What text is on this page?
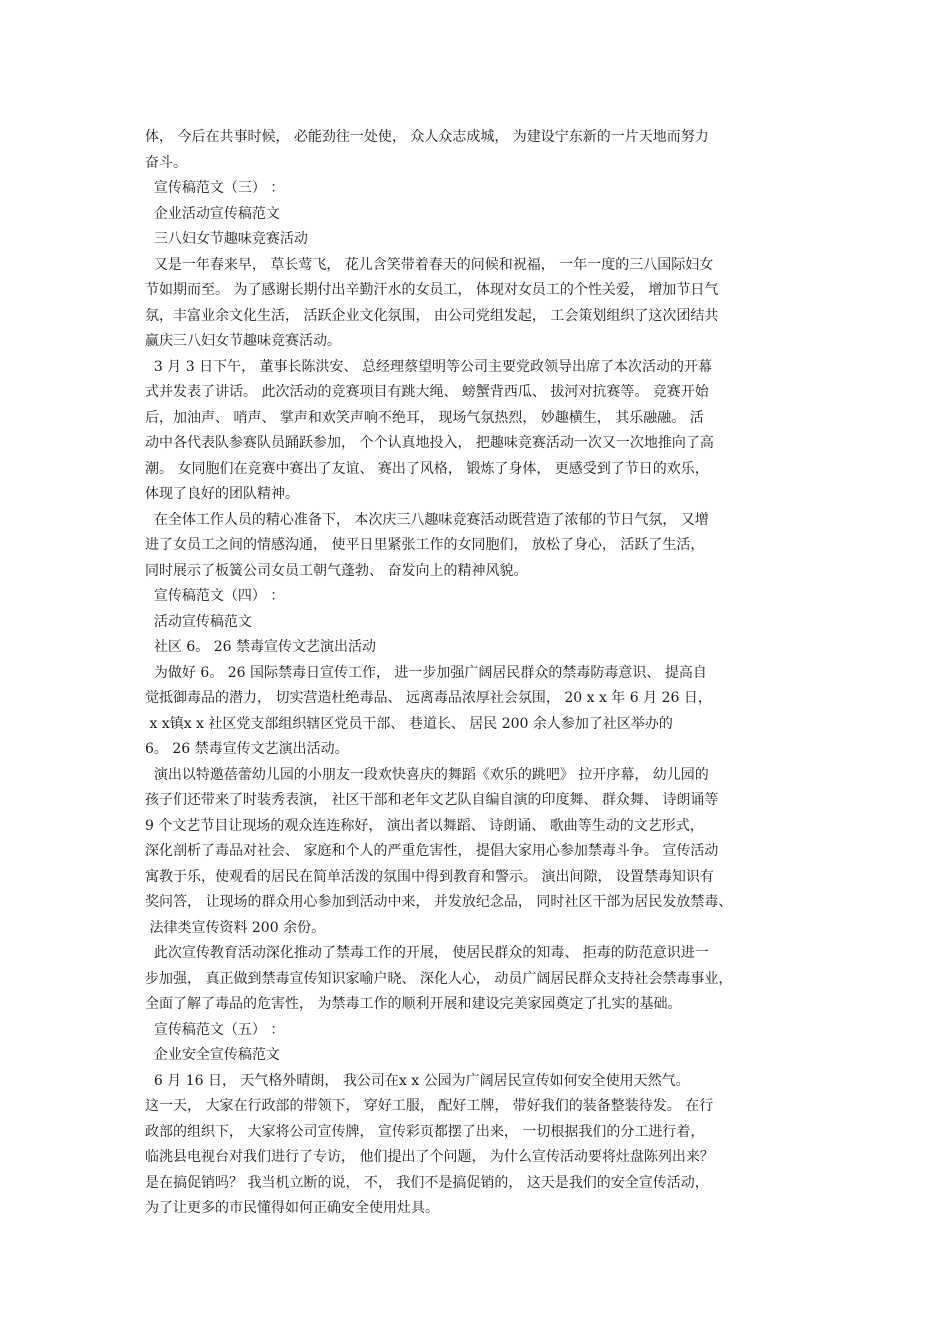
体， 今后在共事时候， 必能劲往一处使， 众人众志成城， 为建设宁东新的一片天地而努力
奋斗。
宣传稿范文（三） ：
企业活动宣传稿范文
三八妇女节趣味竞赛活动
又是一年春来早， 草长莺飞， 花儿含笑带着春天的问候和祝福， 一年一度的三八国际妇女
节如期而至。 为了感谢长期付出辛勤汗水的女员工， 体现对女员工的个性关爱， 增加节日气
氛，丰富业余文化生活， 活跃企业文化氛围， 由公司党组发起， 工会策划组织了这次团结共
赢庆三八妇女节趣味竞赛活动。
3 月 3 日下午， 董事长陈洪安、 总经理蔡望明等公司主要党政领导出席了本次活动的开幕
式并发表了讲话。 此次活动的竞赛项目有跳大绳、 螃蟹背西瓜、 拔河对抗赛等。 竞赛开始
后，加油声、 哨声、 掌声和欢笑声响不绝耳， 现场气氛热烈， 妙趣横生， 其乐融融。 活
动中各代表队参赛队员踊跃参加， 个个认真地投入， 把趣味竞赛活动一次又一次地推向了高
潮。 女同胞们在竞赛中赛出了友谊、 赛出了风格， 锻炼了身体， 更感受到了节日的欢乐，
体现了良好的团队精神。
在全体工作人员的精心准备下， 本次庆三八趣味竞赛活动既营造了浓郁的节日气氛， 又增
进了女员工之间的情感沟通， 使平日里紧张工作的女同胞们， 放松了身心， 活跃了生活，
同时展示了板簧公司女员工朝气蓬勃、 奋发向上的精神风貌。
宣传稿范文（四） ：
活动宣传稿范文
社区 6。 26 禁毒宣传文艺演出活动
为做好 6。 26 国际禁毒日宣传工作， 进一步加强广阔居民群众的禁毒防毒意识、 提高自
觉抵御毒品的潜力， 切实营造杜绝毒品、 远离毒品浓厚社会氛围， 20 x x 年 6 月 26 日，
x x镇x x 社区党支部组织辖区党员干部、 巷道长、 居民 200 余人参加了社区举办的
6。 26 禁毒宣传文艺演出活动。
演出以特邀蓓蕾幼儿园的小朋友一段欢快喜庆的舞蹈《欢乐的跳吧》 拉开序幕， 幼儿园的
孩子们还带来了时装秀表演， 社区干部和老年文艺队自编自演的印度舞、 群众舞、 诗朗诵等
9 个文艺节目让现场的观众连连称好， 演出者以舞蹈、 诗朗诵、 歌曲等生动的文艺形式，
深化剖析了毒品对社会、 家庭和个人的严重危害性， 提倡大家用心参加禁毒斗争。 宣传活动
寓教于乐，使观看的居民在简单活泼的氛围中得到教育和警示。 演出间隙， 设置禁毒知识有
奖问答， 让现场的群众用心参加到活动中来， 并发放纪念品， 同时社区干部为居民发放禁毒、
法律类宣传资料 200 余份。
此次宣传教育活动深化推动了禁毒工作的开展， 使居民群众的知毒、 拒毒的防范意识进一
步加强， 真正做到禁毒宣传知识家喻户晓、 深化人心， 动员广阔居民群众支持社会禁毒事业，
全面了解了毒品的危害性， 为禁毒工作的顺利开展和建设完美家园奠定了扎实的基础。
宣传稿范文（五） ：
企业安全宣传稿范文
6 月 16 日， 天气格外晴朗， 我公司在x x 公园为广阔居民宣传如何安全使用天然气。
这一天， 大家在行政部的带领下， 穿好工服， 配好工牌， 带好我们的装备整装待发。 在行
政部的组织下， 大家将公司宣传牌， 宣传彩页都摆了出来， 一切根据我们的分工进行着，
临洮县电视台对我们进行了专访， 他们提出了个问题， 为什么宣传活动要将灶盘陈列出来？
是在搞促销吗？ 我当机立断的说， 不， 我们不是搞促销的， 这天是我们的安全宣传活动，
为了让更多的市民懂得如何正确安全使用灶具。
